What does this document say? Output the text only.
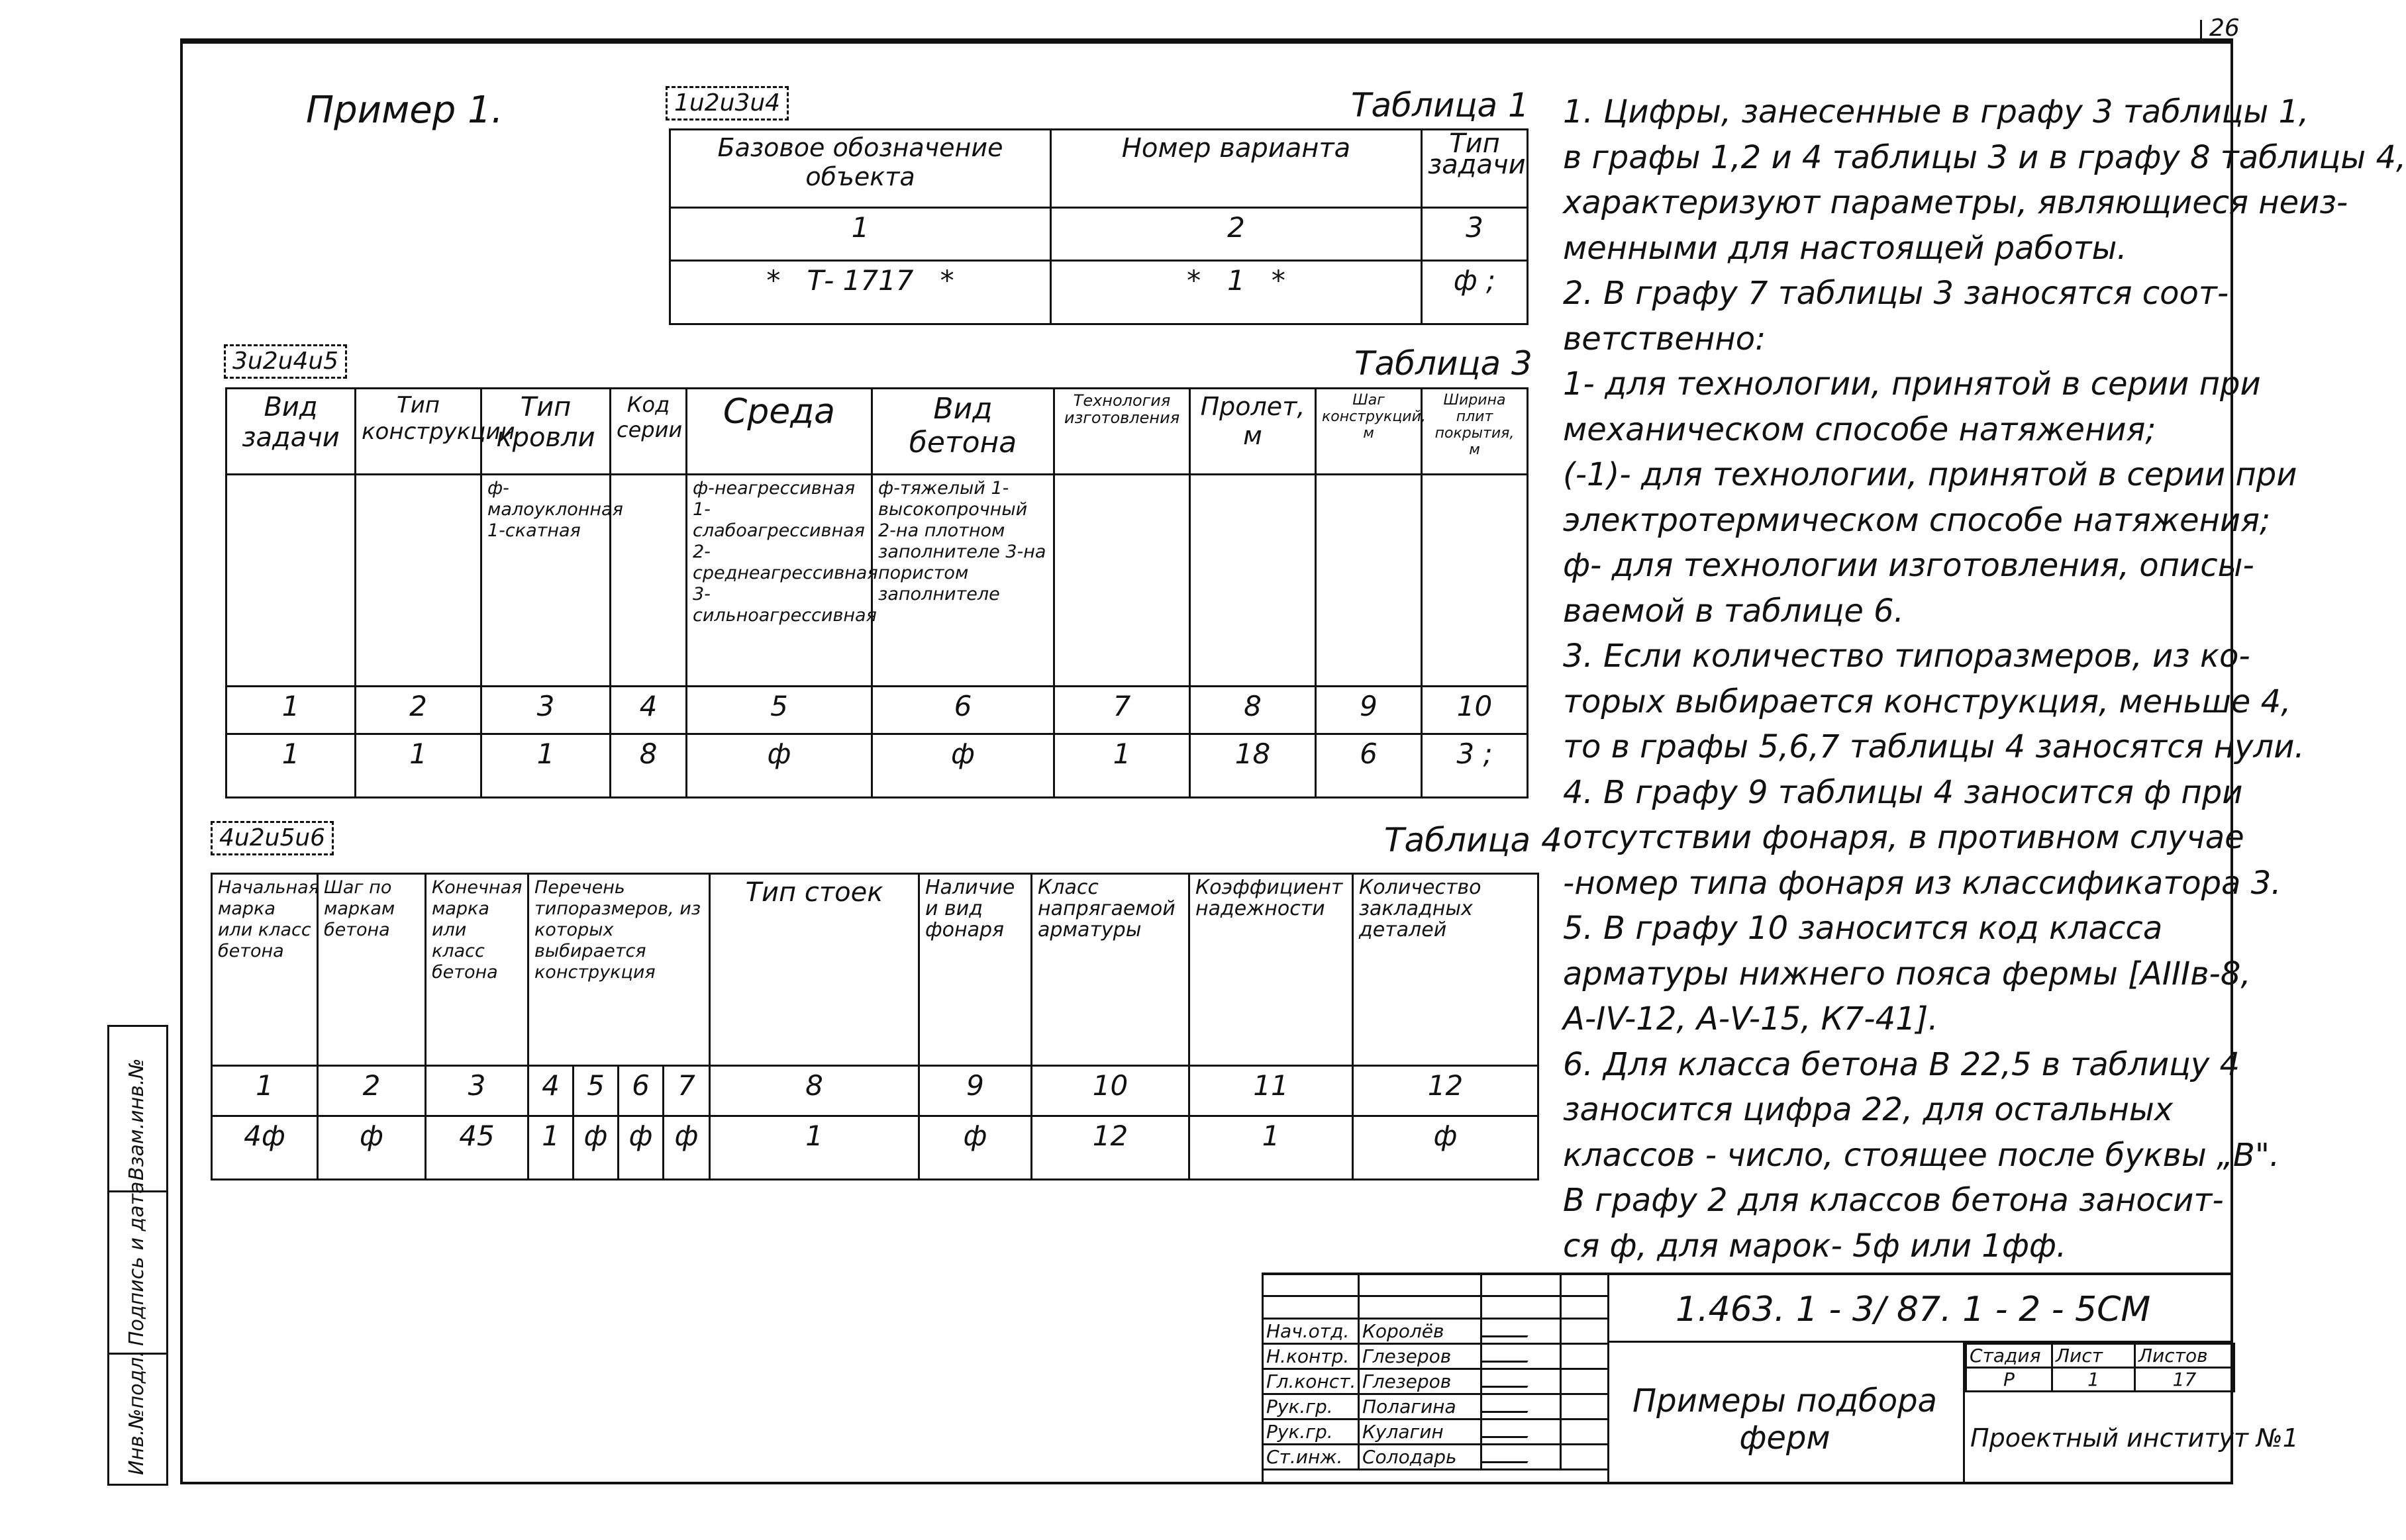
26
Пример 1.	1u2u3u4	Таблица 1
Базовое обозначение объекта	Номер варианта	Тип задачи
1	2	3
*   Т- 1717   *	*   1   *	ф ;
3u2u4u5	Таблица 3
Вид задачи	Тип конструкции	Тип кровли	Код серии	Среда	Вид бетона	Технология изготовления	Пролет, м	Шаг конструкций, м	Ширина плит покрытия, м
		ф-малоуклонная 1-скатная		ф-неагрессивная 1-слабоагрессивная 2-среднеагрессивная 3-сильноагрессивная	ф-тяжелый 1-высокопрочный 2-на плотном заполнителе 3-на пористом заполнителе				
1	2	3	4	5	6	7	8	9	10
1	1	1	8	ф	ф	1	18	6	3 ;
4u2u5u6	Таблица 4
Начальная марка или класс бетона	Шаг по маркам бетона	Конечная марка или класс бетона	Перечень типоразмеров, из которых выбирается конструкция				Тип стоек	Наличие и вид фонаря	Класс напрягаемой арматуры	Коэффициент надежности	Количество закладных деталей
1	2	3	4	5	6	7	8	9	10	11	12
4ф	ф	45	1	ф	ф	ф	1	ф	12	1	ф

1. Цифры, занесенные в графу 3 таблицы 1,

в графы 1,2 и 4 таблицы 3 и в графу 8 таблицы 4,

характеризуют параметры, являющиеся неиз-

менными для настоящей работы.

2. В графу 7 таблицы 3 заносятся соот-

ветственно:

1- для технологии, принятой в серии при

механическом способе натяжения;

(-1)- для технологии, принятой в серии при

электротермическом способе натяжения;

ф- для технологии изготовления, описы-

ваемой в таблице 6.

3. Если количество типоразмеров, из ко-

торых выбирается конструкция, меньше 4,

то в графы 5,6,7 таблицы 4 заносятся нули.

4. В графу 9 таблицы 4 заносится ф при

отсутствии фонаря, в противном случае

-номер типа фонаря из классификатора 3.

5. В графу 10 заносится код класса

арматуры нижнего пояса фермы [АIIIв-8,

А-IV-12, А-V-15, К7-41].

6. Для класса бетона В 22,5 в таблицу 4

заносится цифра 22, для остальных

классов - число, стоящее после буквы „В".

В графу 2 для классов бетона заносит-

ся ф, для марок- 5ф или 1фф.

Взам.инв.№
Подпись и дата
Инв.№подл.

Нач.отд.	Королёв		
Н.контр.	Глезеров		
Гл.конст.	Глезеров		
Рук.гр.	Полагина		
Рук.гр.	Кулагин		
Ст.инж.	Солодарь		
1.463. 1 - 3/ 87. 1 - 2 - 5СМ
Примеры подбора ферм
Стадия	Лист	Листов
Р	1	17
Проектный институт №1
